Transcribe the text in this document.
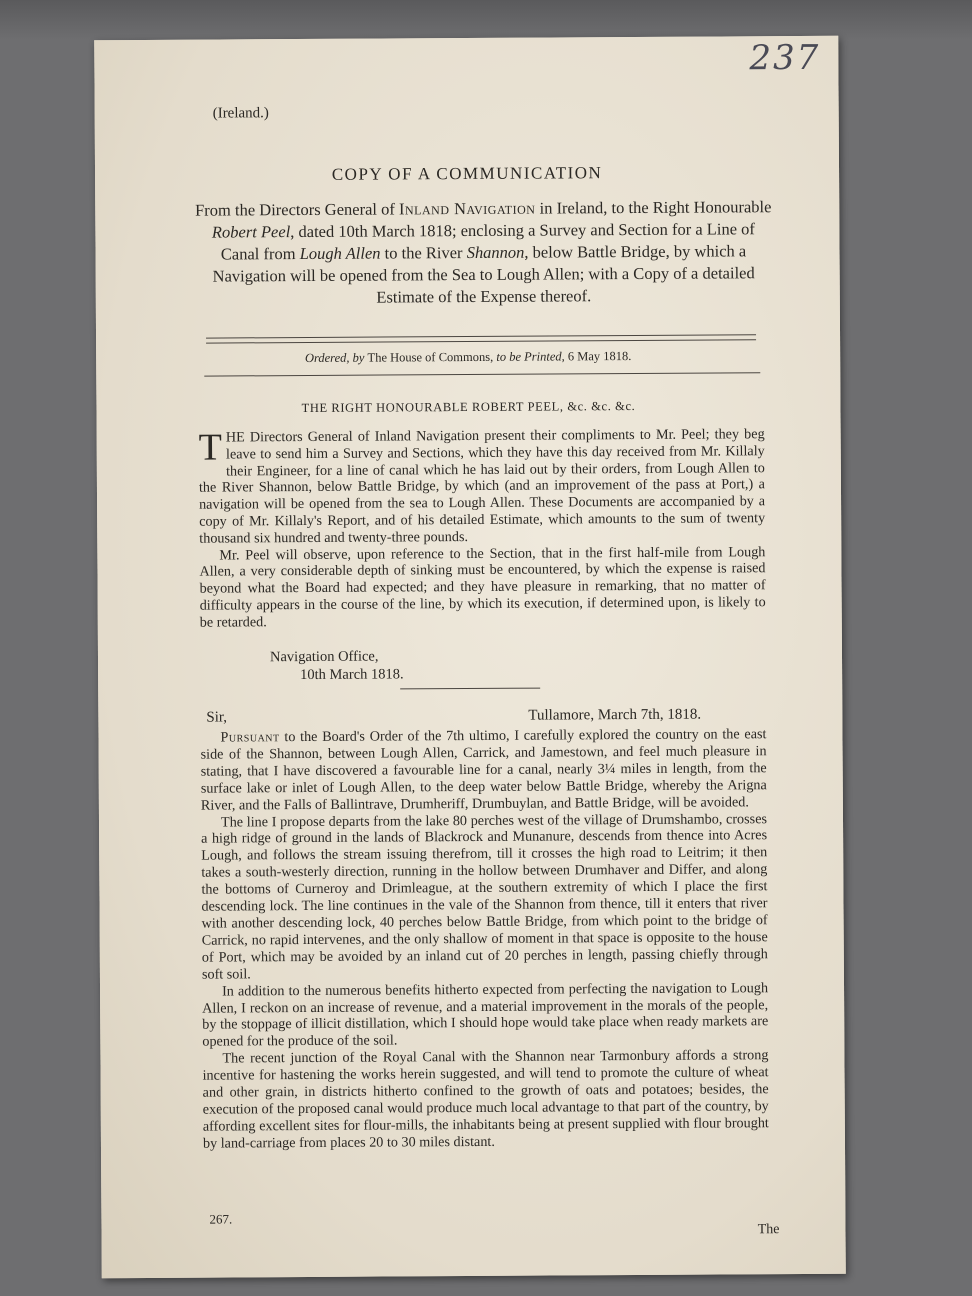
237
(Ireland.)
COPY OF A COMMUNICATION
From the Directors General of Inland Navigation in Ireland, to the Right Honourable Robert Peel, dated 10th March 1818; enclosing a Survey and Section for a Line of Canal from Lough Allen to the River Shannon, below Battle Bridge, by which a Navigation will be opened from the Sea to Lough Allen; with a Copy of a detailed Estimate of the Expense thereof.
Ordered, by The House of Commons, to be Printed, 6 May 1818.
THE RIGHT HONOURABLE ROBERT PEEL, &c. &c. &c.

THE Directors General of Inland Navigation present their compliments to Mr. Peel; they beg leave to send him a Survey and Sections, which they have this day received from Mr. Killaly their Engineer, for a line of canal which he has laid out by their orders, from Lough Allen to the River Shannon, below Battle Bridge, by which (and an improvement of the pass at Port,) a navigation will be opened from the sea to Lough Allen. These Documents are accompanied by a copy of Mr. Killaly's Report, and of his detailed Estimate, which amounts to the sum of twenty thousand six hundred and twenty-three pounds.

Mr. Peel will observe, upon reference to the Section, that in the first half-mile from Lough Allen, a very considerable depth of sinking must be encountered, by which the expense is raised beyond what the Board had expected; and they have pleasure in remarking, that no matter of difficulty appears in the course of the line, by which its execution, if determined upon, is likely to be retarded.

Navigation Office,
10th March 1818.
Sir,	Tullamore, March 7th, 1818.

Pursuant to the Board's Order of the 7th ultimo, I carefully explored the country on the east side of the Shannon, between Lough Allen, Carrick, and Jamestown, and feel much pleasure in stating, that I have discovered a favourable line for a canal, nearly 3¼ miles in length, from the surface lake or inlet of Lough Allen, to the deep water below Battle Bridge, whereby the Arigna River, and the Falls of Ballintrave, Drumheriff, Drumbuylan, and Battle Bridge, will be avoided.

The line I propose departs from the lake 80 perches west of the village of Drumshambo, crosses a high ridge of ground in the lands of Blackrock and Munanure, descends from thence into Acres Lough, and follows the stream issuing therefrom, till it crosses the high road to Leitrim; it then takes a south-westerly direction, running in the hollow between Drumhaver and Differ, and along the bottoms of Curneroy and Drimleague, at the southern extremity of which I place the first descending lock. The line continues in the vale of the Shannon from thence, till it enters that river with another descending lock, 40 perches below Battle Bridge, from which point to the bridge of Carrick, no rapid intervenes, and the only shallow of moment in that space is opposite to the house of Port, which may be avoided by an inland cut of 20 perches in length, passing chiefly through soft soil.

In addition to the numerous benefits hitherto expected from perfecting the navigation to Lough Allen, I reckon on an increase of revenue, and a material improvement in the morals of the people, by the stoppage of illicit distillation, which I should hope would take place when ready markets are opened for the produce of the soil.

The recent junction of the Royal Canal with the Shannon near Tarmonbury affords a strong incentive for hastening the works herein suggested, and will tend to promote the culture of wheat and other grain, in districts hitherto confined to the growth of oats and potatoes; besides, the execution of the proposed canal would produce much local advantage to that part of the country, by affording excellent sites for flour-mills, the inhabitants being at present supplied with flour brought by land-carriage from places 20 to 30 miles distant.

267.
The
